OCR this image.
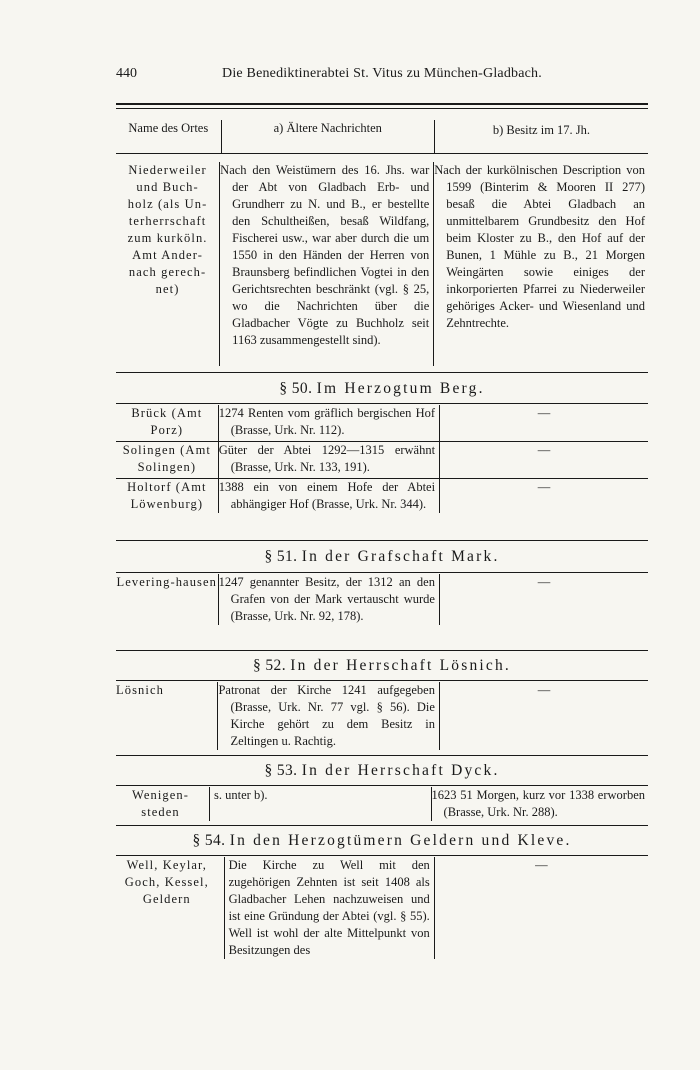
440	Die Benediktinerabtei St. Vitus zu München-Gladbach.
Name des Ortes	a) Ältere Nachrichten	b) Besitz im 17. Jh.

Niederweiler
und Buch-
holz (als Un-
terherrschaft
zum kurköln.
Amt Ander-
nach gerech-
net)	Nach den Weistümern des 16. Jhs. war der Abt von Gladbach Erb- und Grundherr zu N. und B., er bestellte den Schultheißen, besaß Wildfang, Fischerei usw., war aber durch die um 1550 in den Händen der Herren von Braunsberg befindlichen Vogtei in den Gerichtsrechten beschränkt (vgl. § 25, wo die Nachrichten über die Gladbacher Vögte zu Buchholz seit 1163 zusammengestellt sind).	Nach der kurkölnischen Description von 1599 (Binterim & Mooren II 277) besaß die Abtei Gladbach an unmittelbarem Grundbesitz den Hof beim Kloster zu B., den Hof auf der Bunen, 1 Mühle zu B., 21 Morgen Weingärten sowie einiges der inkorporierten Pfarrei zu Niederweiler gehöriges Acker- und Wiesenland und Zehntrechte.
§ 50. Im Herzogtum Berg.
Brück (Amt Porz)	1274 Renten vom gräflich bergischen Hof (Brasse, Urk. Nr. 112).	—
Solingen (Amt Solingen)	Güter der Abtei 1292—1315 erwähnt (Brasse, Urk. Nr. 133, 191).	—
Holtorf (Amt Löwenburg)	1388 ein von einem Hofe der Abtei abhängiger Hof (Brasse, Urk. Nr. 344).	—
§ 51. In der Grafschaft Mark.
Levering-hausen	1247 genannter Besitz, der 1312 an den Grafen von der Mark vertauscht wurde (Brasse, Urk. Nr. 92, 178).	—
§ 52. In der Herrschaft Lösnich.
Lösnich	Patronat der Kirche 1241 aufgegeben (Brasse, Urk. Nr. 77 vgl. § 56). Die Kirche gehört zu dem Besitz in Zeltingen u. Rachtig.	—
§ 53. In der Herrschaft Dyck.
Wenigen-steden	s. unter b).	1623 51 Morgen, kurz vor 1338 erworben (Brasse, Urk. Nr. 288).
§ 54. In den Herzogtümern Geldern und Kleve.
Well, Keylar, Goch, Kessel, Geldern	Die Kirche zu Well mit den zugehörigen Zehnten ist seit 1408 als Gladbacher Lehen nachzuweisen und ist eine Gründung der Abtei (vgl. § 55). Well ist wohl der alte Mittelpunkt von Besitzungen des	—
